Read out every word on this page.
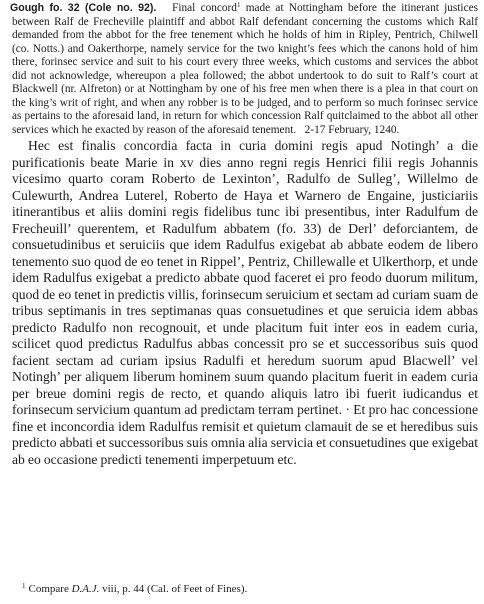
Gough fo. 32 (Cole no. 92). Final concord$^1$ made at Nottingham before the itinerant justices between Ralf de Frecheville plaintiff and abbot Ralf defendant concerning the customs which Ralf demanded from the abbot for the free tenement which he holds of him in Ripley, Pentrich, Chilwell (co. Notts.) and Oakerthorpe, namely service for the two knight’s fees which the canons hold of him there, forinsec service and suit to his court every three weeks, which customs and services the abbot did not acknowledge, whereupon a plea followed; the abbot undertook to do suit to Ralf’s court at Blackwell (nr. Alfreton) or at Nottingham by one of his free men when there is a plea in that court on the king’s writ of right, and when any robber is to be judged, and to perform so much forinsec service as pertains to the aforesaid land, in return for which concession Ralf quitclaimed to the abbot all other services which he exacted by reason of the aforesaid tenement. 2-17 February, 1240.

Hec est finalis concordia facta in curia domini regis apud Notingh’ a die purificationis beate Marie in xv dies anno regni regis Henrici filii regis Johannis vicesimo quarto coram Roberto de Lexinton’, Radulfo de Sulleg’, Willelmo de Culewurth, Andrea Luterel, Roberto de Haya et Warnero de Engaine, justiciariis itinerantibus et aliis domini regis fidelibus tunc ibi presentibus, inter Radulfum de Frecheuill’ querentem, et Radulfum abbatem (fo. 33) de Derl’ deforciantem, de consuetudinibus et seruiciis que idem Radulfus exigebat ab abbate eodem de libero tenemento suo quod de eo tenet in Rippel’, Pentriz, Chillewalle et Ulkerthorp, et unde idem Radulfus exigebat a predicto abbate quod faceret ei pro feodo duorum militum, quod de eo tenet in predictis villis, forinsecum seruicium et sectam ad curiam suam de tribus septimanis in tres septimanas quas consuetudines et que seruicia idem abbas predicto Radulfo non recognouit, et unde placitum fuit inter eos in eadem curia, scilicet quod predictus Radulfus abbas concessit pro se et successoribus suis quod facient sectam ad curiam ipsius Radulfi et heredum suorum apud Blacwell’ vel Notingh’ per aliquem liberum hominem suum quando placitum fuerit in eadem curia per breue domini regis de recto, et quando aliquis latro ibi fuerit iudicandus et forinsecum servicium quantum ad predictam terram pertinet. · Et pro hac concessione fine et inconcordia idem Radulfus remisit et quietum clamauit de se et heredibus suis predicto abbati et successoribus suis omnia alia servicia et consuetudines que exigebat ab eo occasione predicti tenementi imperpetuum etc.

$^1$ Compare D.A.J. viii, p. 44 (Cal. of Feet of Fines).
